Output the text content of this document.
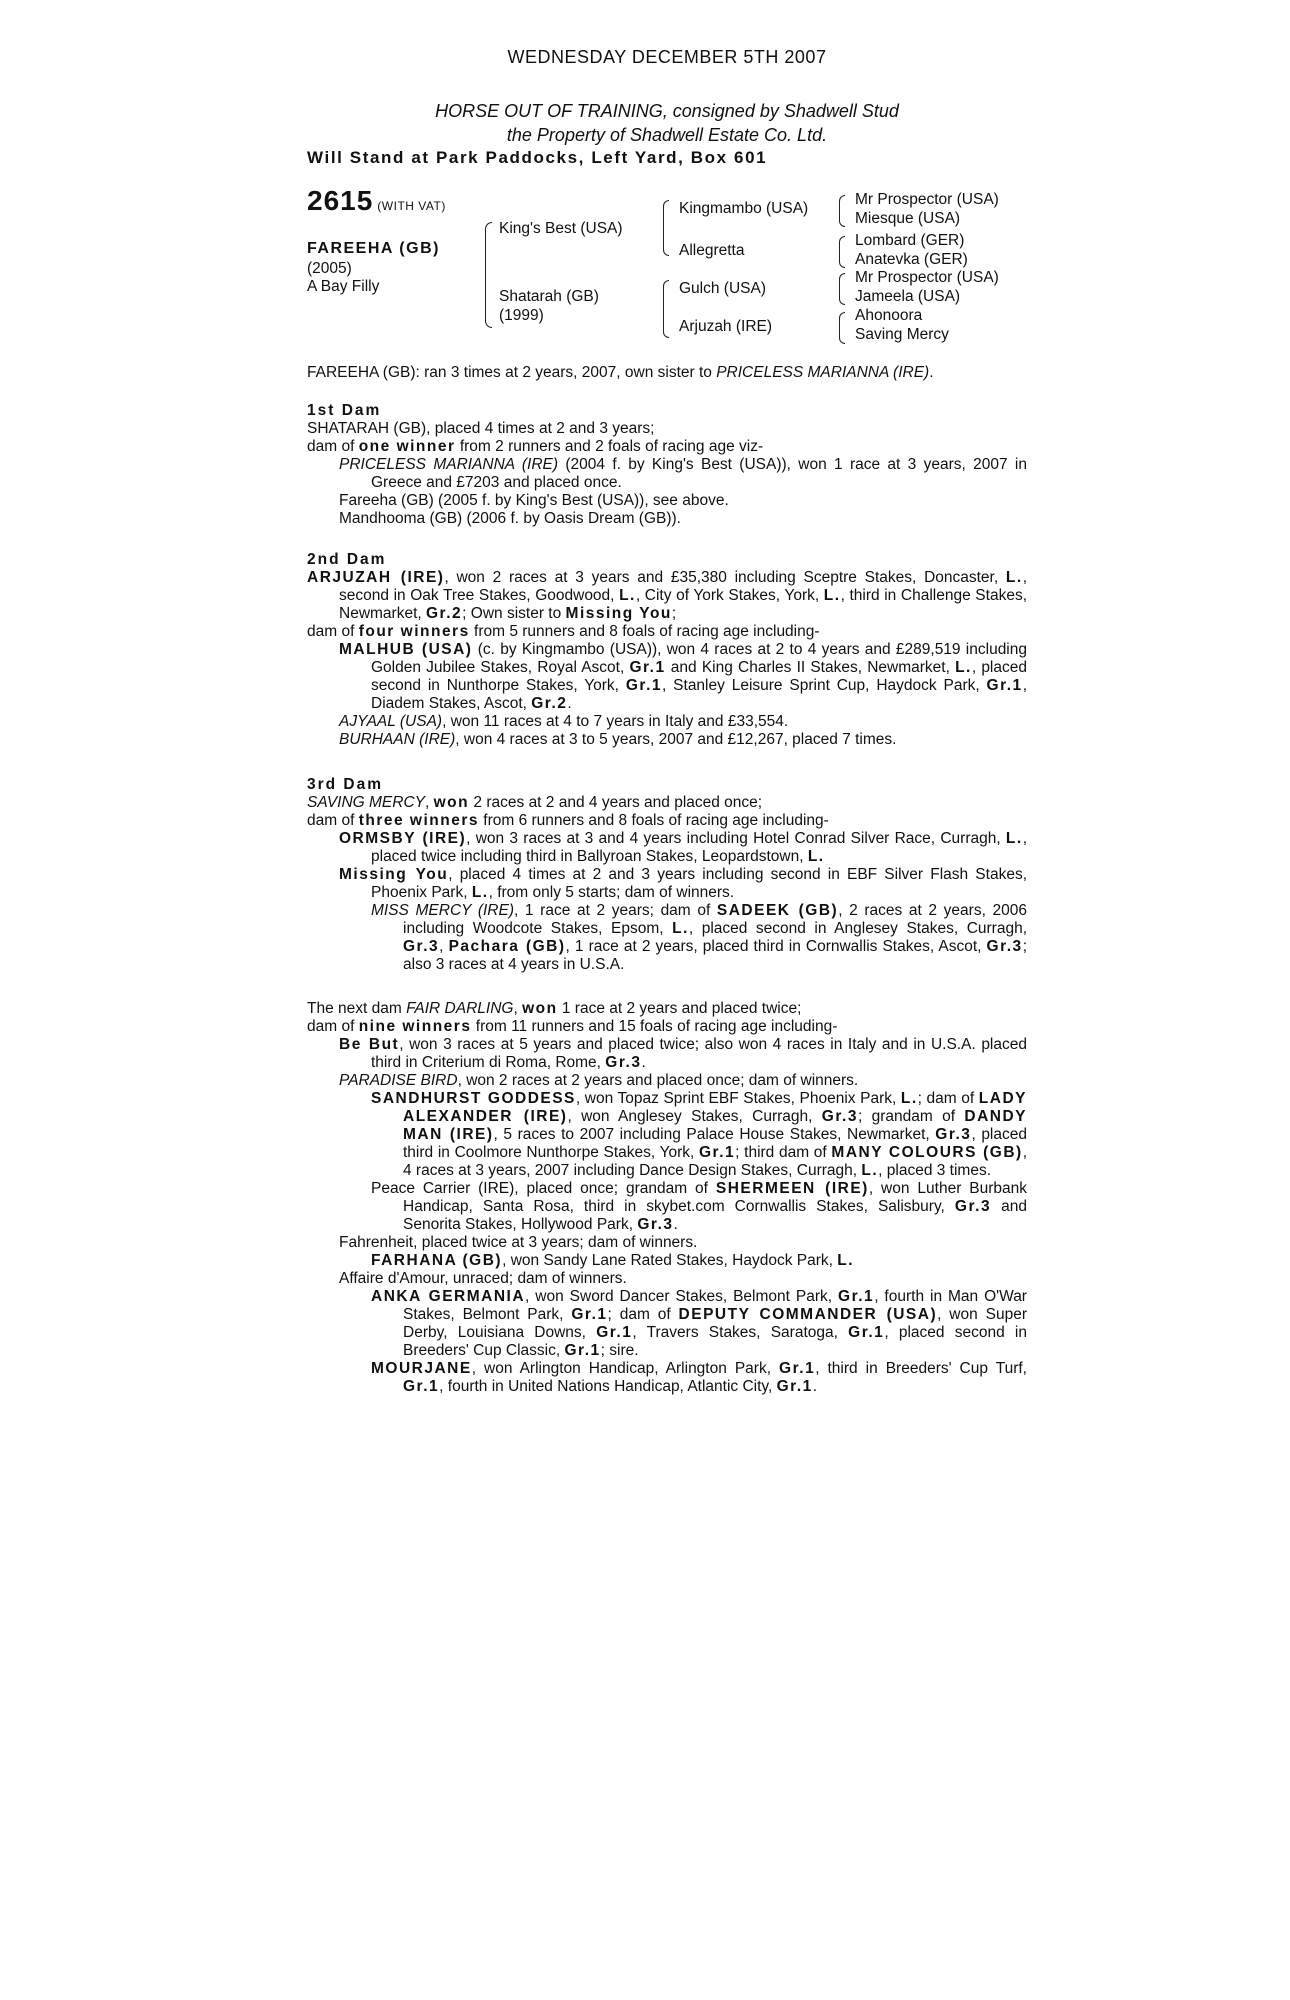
WEDNESDAY DECEMBER 5TH 2007
HORSE OUT OF TRAINING, consigned by Shadwell Stud
the Property of Shadwell Estate Co. Ltd.
Will Stand at Park Paddocks, Left Yard, Box 601
2615 (WITH VAT)
FAREEHA (GB)
(2005)
A Bay Filly
King's Best (USA)
Shatarah (GB)
(1999)
Kingmambo (USA)
Allegretta
Gulch (USA)
Arjuzah (IRE)
Mr Prospector (USA)
Miesque (USA)
Lombard (GER)
Anatevka (GER)
Mr Prospector (USA)
Jameela (USA)
Ahonoora
Saving Mercy
FAREEHA (GB): ran 3 times at 2 years, 2007, own sister to PRICELESS MARIANNA (IRE).

1st Dam

SHATARAH (GB), placed 4 times at 2 and 3 years;

dam of one winner from 2 runners and 2 foals of racing age viz-

PRICELESS MARIANNA (IRE) (2004 f. by King's Best (USA)), won 1 race at 3 years, 2007 in Greece and £7203 and placed once.

Fareeha (GB) (2005 f. by King's Best (USA)), see above.

Mandhooma (GB) (2006 f. by Oasis Dream (GB)).

2nd Dam

ARJUZAH (IRE), won 2 races at 3 years and £35,380 including Sceptre Stakes, Doncaster, L., second in Oak Tree Stakes, Goodwood, L., City of York Stakes, York, L., third in Challenge Stakes, Newmarket, Gr.2; Own sister to Missing You;

dam of four winners from 5 runners and 8 foals of racing age including-

MALHUB (USA) (c. by Kingmambo (USA)), won 4 races at 2 to 4 years and £289,519 including Golden Jubilee Stakes, Royal Ascot, Gr.1 and King Charles II Stakes, Newmarket, L., placed second in Nunthorpe Stakes, York, Gr.1, Stanley Leisure Sprint Cup, Haydock Park, Gr.1, Diadem Stakes, Ascot, Gr.2.

AJYAAL (USA), won 11 races at 4 to 7 years in Italy and £33,554.

BURHAAN (IRE), won 4 races at 3 to 5 years, 2007 and £12,267, placed 7 times.

3rd Dam

SAVING MERCY, won 2 races at 2 and 4 years and placed once;

dam of three winners from 6 runners and 8 foals of racing age including-

ORMSBY (IRE), won 3 races at 3 and 4 years including Hotel Conrad Silver Race, Curragh, L., placed twice including third in Ballyroan Stakes, Leopardstown, L.

Missing You, placed 4 times at 2 and 3 years including second in EBF Silver Flash Stakes, Phoenix Park, L., from only 5 starts; dam of winners.

MISS MERCY (IRE), 1 race at 2 years; dam of SADEEK (GB), 2 races at 2 years, 2006 including Woodcote Stakes, Epsom, L., placed second in Anglesey Stakes, Curragh, Gr.3, Pachara (GB), 1 race at 2 years, placed third in Cornwallis Stakes, Ascot, Gr.3; also 3 races at 4 years in U.S.A.

The next dam FAIR DARLING, won 1 race at 2 years and placed twice;

dam of nine winners from 11 runners and 15 foals of racing age including-

Be But, won 3 races at 5 years and placed twice; also won 4 races in Italy and in U.S.A. placed third in Criterium di Roma, Rome, Gr.3.

PARADISE BIRD, won 2 races at 2 years and placed once; dam of winners.

SANDHURST GODDESS, won Topaz Sprint EBF Stakes, Phoenix Park, L.; dam of LADY ALEXANDER (IRE), won Anglesey Stakes, Curragh, Gr.3; grandam of DANDY MAN (IRE), 5 races to 2007 including Palace House Stakes, Newmarket, Gr.3, placed third in Coolmore Nunthorpe Stakes, York, Gr.1; third dam of MANY COLOURS (GB), 4 races at 3 years, 2007 including Dance Design Stakes, Curragh, L., placed 3 times.

Peace Carrier (IRE), placed once; grandam of SHERMEEN (IRE), won Luther Burbank Handicap, Santa Rosa, third in skybet.com Cornwallis Stakes, Salisbury, Gr.3 and Senorita Stakes, Hollywood Park, Gr.3.

Fahrenheit, placed twice at 3 years; dam of winners.

FARHANA (GB), won Sandy Lane Rated Stakes, Haydock Park, L.

Affaire d'Amour, unraced; dam of winners.

ANKA GERMANIA, won Sword Dancer Stakes, Belmont Park, Gr.1, fourth in Man O'War Stakes, Belmont Park, Gr.1; dam of DEPUTY COMMANDER (USA), won Super Derby, Louisiana Downs, Gr.1, Travers Stakes, Saratoga, Gr.1, placed second in Breeders' Cup Classic, Gr.1; sire.

MOURJANE, won Arlington Handicap, Arlington Park, Gr.1, third in Breeders' Cup Turf, Gr.1, fourth in United Nations Handicap, Atlantic City, Gr.1.
